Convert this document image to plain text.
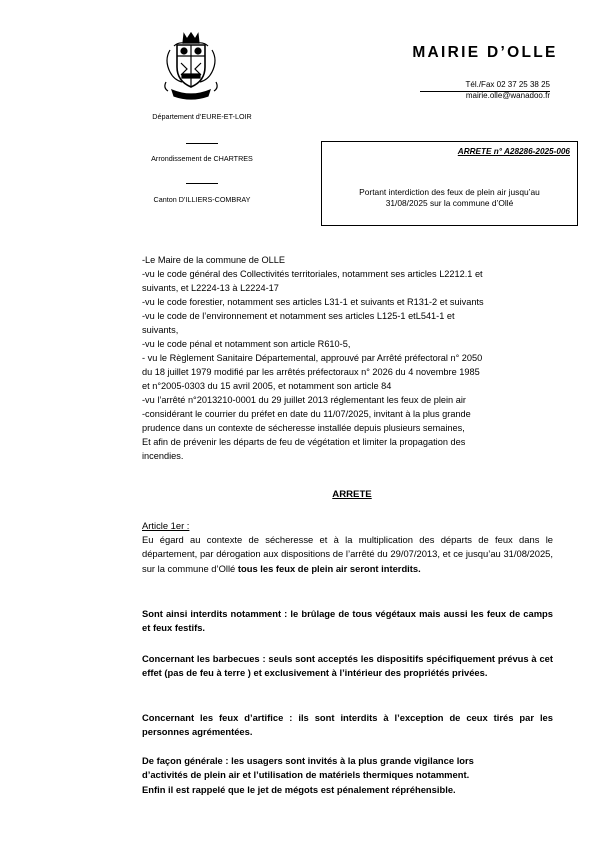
Département d’EURE-ET-LOIR
Arrondissement de CHARTRES
Canton D’ILLIERS-COMBRAY
MAIRIE D’OLLE
Tél./Fax 02 37 25 38 25
mairie.olle@wanadoo.fr
ARRETE n° A28286-2025-006
Portant interdiction des feux de plein air jusqu’au
31/08/2025 sur la commune d’Ollé
-Le Maire de la commune de OLLE
-vu le code général des Collectivités territoriales, notamment ses articles L2212.1 et
suivants, et L2224-13 à L2224-17
-vu le code forestier, notamment ses articles L31-1 et suivants et R131-2 et suivants
-vu le code de l’environnement et notamment ses articles L125-1 etL541-1 et
suivants,
-vu le code pénal et notamment son article R610-5,
- vu le Règlement Sanitaire Départemental, approuvé par Arrêté préfectoral n° 2050
du 18 juillet 1979 modifié par les arrêtés préfectoraux n° 2026 du 4 novembre 1985
et n°2005-0303 du 15 avril 2005, et notamment son article 84
-vu l’arrêté n°2013210-0001 du 29 juillet 2013 réglementant les feux de plein air
-considérant le courrier du préfet en date du 11/07/2025, invitant à la plus grande
prudence dans un contexte de sécheresse installée depuis plusieurs semaines,
Et afin de prévenir les départs de feu de végétation et limiter la propagation des
incendies.
ARRETE
Article 1er :
Eu égard au contexte de sécheresse et à la multiplication des départs de feux dans le département, par dérogation aux dispositions de l’arrêté du 29/07/2013, et ce jusqu’au 31/08/2025, sur la commune d’Ollé tous les feux de plein air seront interdits.
Sont ainsi interdits notamment : le brûlage de tous végétaux mais aussi les feux de camps et feux festifs.
Concernant les barbecues : seuls sont acceptés les dispositifs spécifiquement prévus à cet effet (pas de feu à terre ) et exclusivement à l’intérieur des propriétés privées.
Concernant les feux d’artifice : ils sont interdits à l’exception de ceux tirés par les personnes agrémentées.
De façon générale : les usagers sont invités à la plus grande vigilance lors
d’activités de plein air et l’utilisation de matériels thermiques notamment.
Enfin il est rappelé que le jet de mégots est pénalement répréhensible.
